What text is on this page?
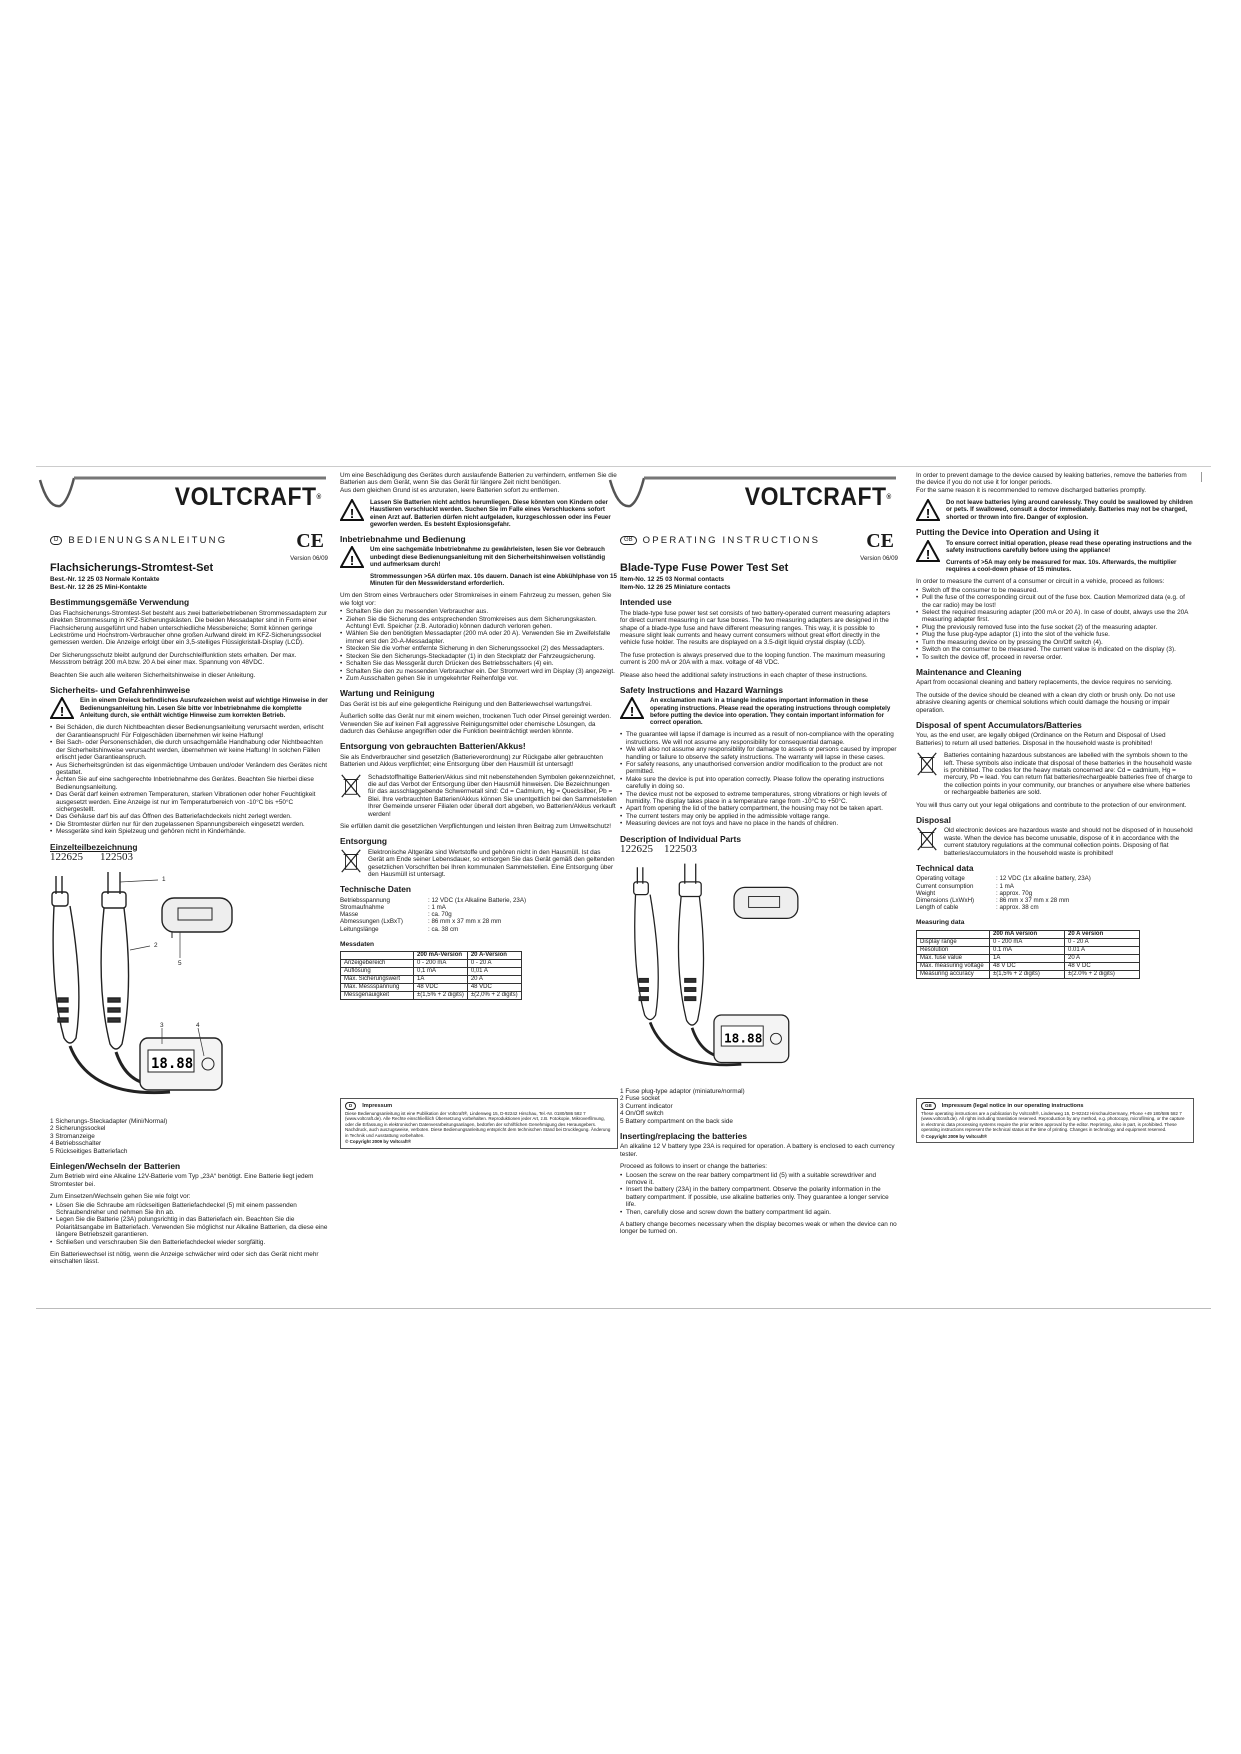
VOLTCRAFT®
D	BEDIENUNGSANLEITUNG	CE
Version 06/09
Flachsicherungs-Stromtest-Set
Best.-Nr. 12 25 03 Normale Kontakte
Best.-Nr. 12 26 25 Mini-Kontakte
Bestimmungsgemäße Verwendung

Das Flachsicherungs-Stromtest-Set besteht aus zwei batteriebetriebenen Strommessadaptern zur direkten Strommessung in KFZ-Sicherungskästen. Die beiden Messadapter sind in Form einer Flachsicherung ausgeführt und haben unterschiedliche Messbereiche; Somit können geringe Leckströme und Hochstrom-Verbraucher ohne großen Aufwand direkt im KFZ-Sicherungssockel gemessen werden. Die Anzeige erfolgt über ein 3,5-stelliges Flüssigkristall-Display (LCD).

Der Sicherungsschutz bleibt aufgrund der Durchschleiffunktion stets erhalten. Der max. Messstrom beträgt 200 mA bzw. 20 A bei einer max. Spannung von 48VDC.

Beachten Sie auch alle weiteren Sicherheitshinweise in dieser Anleitung.

Sicherheits- und Gefahrenhinweise
!
Ein in einem Dreieck befindliches Ausrufezeichen weist auf wichtige Hinweise in der Bedienungsanleitung hin. Lesen Sie bitte vor Inbetriebnahme die komplette Anleitung durch, sie enthält wichtige Hinweise zum korrekten Betrieb.
• Bei Schäden, die durch Nichtbeachten dieser Bedienungsanleitung verursacht werden, erlischt der Garantieanspruch! Für Folgeschäden übernehmen wir keine Haftung!
• Bei Sach- oder Personenschäden, die durch unsachgemäße Handhabung oder Nichtbeachten der Sicherheitshinweise verursacht werden, übernehmen wir keine Haftung! In solchen Fällen erlischt jeder Garantieanspruch.
• Aus Sicherheitsgründen ist das eigenmächtige Umbauen und/oder Verändern des Gerätes nicht gestattet.
• Achten Sie auf eine sachgerechte Inbetriebnahme des Gerätes. Beachten Sie hierbei diese Bedienungsanleitung.
• Das Gerät darf keinen extremen Temperaturen, starken Vibrationen oder hoher Feuchtigkeit ausgesetzt werden. Eine Anzeige ist nur im Temperaturbereich von -10°C bis +50°C sichergestellt.
• Das Gehäuse darf bis auf das Öffnen des Batteriefachdeckels nicht zerlegt werden.
• Die Stromtester dürfen nur für den zugelassenen Spannungsbereich eingesetzt werden.
• Messgeräte sind kein Spielzeug und gehören nicht in Kinderhände.
Einzelteilbezeichnung
122625 122503
18.88
1
2
3	4
5
1 Sicherungs-Steckadapter (Mini/Normal)
2 Sicherungssockel
3 Stromanzeige
4 Betriebsschalter
5 Rückseitiges Batteriefach
Einlegen/Wechseln der Batterien

Zum Betrieb wird eine Alkaline 12V-Batterie vom Typ „23A“ benötigt. Eine Batterie liegt jedem Stromtester bei.

Zum Einsetzen/Wechseln gehen Sie wie folgt vor:

• Lösen Sie die Schraube am rückseitigen Batteriefachdeckel (5) mit einem passenden Schraubendreher und nehmen Sie ihn ab.
• Legen Sie die Batterie (23A) polungsrichtig in das Batteriefach ein. Beachten Sie die Polaritätsangabe im Batteriefach. Verwenden Sie möglichst nur Alkaline Batterien, da diese eine längere Betriebszeit garantieren.
• Schließen und verschrauben Sie den Batteriefachdeckel wieder sorgfältig.

Ein Batteriewechsel ist nötig, wenn die Anzeige schwächer wird oder sich das Gerät nicht mehr einschalten lässt.

Um eine Beschädigung des Gerätes durch auslaufende Batterien zu verhindern, entfernen Sie die Batterien aus dem Gerät, wenn Sie das Gerät für längere Zeit nicht benötigen.

Aus dem gleichen Grund ist es anzuraten, leere Batterien sofort zu entfernen.

!
Lassen Sie Batterien nicht achtlos herumliegen. Diese könnten von Kindern oder Haustieren verschluckt werden. Suchen Sie im Falle eines Verschluckens sofort einen Arzt auf. Batterien dürfen nicht aufgeladen, kurzgeschlossen oder ins Feuer geworfen werden. Es besteht Explosionsgefahr.
Inbetriebnahme und Bedienung
!
Um eine sachgemäße Inbetriebnahme zu gewährleisten, lesen Sie vor Gebrauch unbedingt diese Bedienungsanleitung mit den Sicherheitshinweisen vollständig und aufmerksam durch!
Strommessungen >5A dürfen max. 10s dauern. Danach ist eine Abkühlphase von 15 Minuten für den Messwiderstand erforderlich.

Um den Strom eines Verbrauchers oder Stromkreises in einem Fahrzeug zu messen, gehen Sie wie folgt vor:

• Schalten Sie den zu messenden Verbraucher aus.
• Ziehen Sie die Sicherung des entsprechenden Stromkreises aus dem Sicherungskasten. Achtung! Evtl. Speicher (z.B. Autoradio) können dadurch verloren gehen.
• Wählen Sie den benötigten Messadapter (200 mA oder 20 A). Verwenden Sie im Zweifelsfalle immer erst den 20-A-Messadapter.
• Stecken Sie die vorher entfernte Sicherung in den Sicherungssockel (2) des Messadapters.
• Stecken Sie den Sicherungs-Steckadapter (1) in den Steckplatz der Fahrzeugsicherung.
• Schalten Sie das Messgerät durch Drücken des Betriebsschalters (4) ein.
• Schalten Sie den zu messenden Verbraucher ein. Der Stromwert wird im Display (3) angezeigt.
• Zum Ausschalten gehen Sie in umgekehrter Reihenfolge vor.
Wartung und Reinigung

Das Gerät ist bis auf eine gelegentliche Reinigung und den Batteriewechsel wartungsfrei.

Äußerlich sollte das Gerät nur mit einem weichen, trockenen Tuch oder Pinsel gereinigt werden. Verwenden Sie auf keinen Fall aggressive Reinigungsmittel oder chemische Lösungen, da dadurch das Gehäuse angegriffen oder die Funktion beeinträchtigt werden könnte.

Entsorgung von gebrauchten Batterien/Akkus!

Sie als Endverbraucher sind gesetzlich (Batterieverordnung) zur Rückgabe aller gebrauchten Batterien und Akkus verpflichtet; eine Entsorgung über den Hausmüll ist untersagt!

Schadstoffhaltige Batterien/Akkus sind mit nebenstehenden Symbolen gekennzeichnet, die auf das Verbot der Entsorgung über den Hausmüll hinweisen. Die Bezeichnungen für das ausschlaggebende Schwermetall sind: Cd = Cadmium, Hg = Quecksilber, Pb = Blei. Ihre verbrauchten Batterien/Akkus können Sie unentgeltlich bei den Sammelstellen Ihrer Gemeinde unserer Filialen oder überall dort abgeben, wo Batterien/Akkus verkauft werden!

Sie erfüllen damit die gesetzlichen Verpflichtungen und leisten Ihren Beitrag zum Umweltschutz!

Entsorgung
Elektronische Altgeräte sind Wertstoffe und gehören nicht in den Hausmüll. Ist das Gerät am Ende seiner Lebensdauer, so entsorgen Sie das Gerät gemäß den geltenden gesetzlichen Vorschriften bei Ihren kommunalen Sammelstellen. Eine Entsorgung über den Hausmüll ist untersagt.
Technische Daten
Betriebsspannung	: 12 VDC (1x Alkaline Batterie, 23A)
Stromaufnahme	: 1 mA
Masse	: ca. 70g
Abmessungen (LxBxT)	: 86 mm x 37 mm x 28 mm
Leitungslänge	: ca. 38 cm
Messdaten
	200 mA-Version	20 A-Version
Anzeigebereich	0 - 200 mA	0 - 20 A
Auflösung	0,1 mA	0,01 A
Max. Sicherungswert	1A	20 A
Max. Messspannung	48 VDC	48 VDC
Messgenauigkeit	±(1,5% + 2 digits)	±(2,0% + 2 digits)
D Impressum
Diese Bedienungsanleitung ist eine Publikation der Voltcraft®, Lindenweg 15, D-92242 Hirschau, Tel.-Nr. 0180/586 582 7 (www.voltcraft.de). Alle Rechte einschließlich Übersetzung vorbehalten. Reproduktionen jeder Art, z.B. Fotokopie, Mikroverfilmung, oder die Erfassung in elektronischen Datenverarbeitungsanlagen, bedürfen der schriftlichen Genehmigung des Herausgebers. Nachdruck, auch auszugsweise, verboten. Diese Bedienungsanleitung entspricht dem technischen Stand bei Drucklegung. Änderung in Technik und Ausstattung vorbehalten.
© Copyright 2009 by Voltcraft®
VOLTCRAFT®
GB	OPERATING INSTRUCTIONS CE
Version 06/09
Blade-Type Fuse Power Test Set
Item-No. 12 25 03 Normal contacts
Item-No. 12 26 25 Miniature contacts
Intended use

The blade-type fuse power test set consists of two battery-operated current measuring adapters for direct current measuring in car fuse boxes. The two measuring adapters are designed in the shape of a blade-type fuse and have different measuring ranges. This way, it is possible to measure slight leak currents and heavy current consumers without great effort directly in the vehicle fuse holder. The results are displayed on a 3.5-digit liquid crystal display (LCD).

The fuse protection is always preserved due to the looping function. The maximum measuring current is 200 mA or 20A with a max. voltage of 48 VDC.

Please also heed the additional safety instructions in each chapter of these instructions.

Safety Instructions and Hazard Warnings
!
An exclamation mark in a triangle indicates important information in these operating instructions. Please read the operating instructions through completely before putting the device into operation. They contain important information for correct operation.
• The guarantee will lapse if damage is incurred as a result of non-compliance with the operating instructions. We will not assume any responsibility for consequential damage.
• We will also not assume any responsibility for damage to assets or persons caused by improper handling or failure to observe the safety instructions. The warranty will lapse in these cases.
• For safety reasons, any unauthorised conversion and/or modification to the product are not permitted.
• Make sure the device is put into operation correctly. Please follow the operating instructions carefully in doing so.
• The device must not be exposed to extreme temperatures, strong vibrations or high levels of humidity. The display takes place in a temperature range from -10°C to +50°C.
• Apart from opening the lid of the battery compartment, the housing may not be taken apart.
• The current testers may only be applied in the admissible voltage range.
• Measuring devices are not toys and have no place in the hands of children.
Description of Individual Parts
122625 122503
18.88
1 Fuse plug-type adaptor (miniature/normal)
2 Fuse socket
3 Current indicator
4 On/Off switch
5 Battery compartment on the back side
Inserting/replacing the batteries

An alkaline 12 V battery type 23A is required for operation. A battery is enclosed to each currency tester.

Proceed as follows to insert or change the batteries:

• Loosen the screw on the rear battery compartment lid (5) with a suitable screwdriver and remove it.
• Insert the battery (23A) in the battery compartment. Observe the polarity information in the battery compartment. If possible, use alkaline batteries only. They guarantee a longer service life.
• Then, carefully close and screw down the battery compartment lid again.

A battery change becomes necessary when the display becomes weak or when the device can no longer be turned on.

In order to prevent damage to the device caused by leaking batteries, remove the batteries from the device if you do not use it for longer periods.

For the same reason it is recommended to remove discharged batteries promptly.

!
Do not leave batteries lying around carelessly. They could be swallowed by children or pets. If swallowed, consult a doctor immediately. Batteries may not be charged, shorted or thrown into fire. Danger of explosion.
Putting the Device into Operation and Using it
!
To ensure correct initial operation, please read these operating instructions and the safety instructions carefully before using the appliance!
Currents of >5A may only be measured for max. 10s. Afterwards, the multiplier requires a cool-down phase of 15 minutes.

In order to measure the current of a consumer or circuit in a vehicle, proceed as follows:

• Switch off the consumer to be measured.
• Pull the fuse of the corresponding circuit out of the fuse box. Caution Memorized data (e.g. of the car radio) may be lost!
• Select the required measuring adapter (200 mA or 20 A). In case of doubt, always use the 20A measuring adapter first.
• Plug the previously removed fuse into the fuse socket (2) of the measuring adapter.
• Plug the fuse plug-type adaptor (1) into the slot of the vehicle fuse.
• Turn the measuring device on by pressing the On/Off switch (4).
• Switch on the consumer to be measured. The current value is indicated on the display (3).
• To switch the device off, proceed in reverse order.
Maintenance and Cleaning

Apart from occasional cleaning and battery replacements, the device requires no servicing.

The outside of the device should be cleaned with a clean dry cloth or brush only. Do not use abrasive cleaning agents or chemical solutions which could damage the housing or impair operation.

Disposal of spent Accumulators/Batteries

You, as the end user, are legally obliged (Ordinance on the Return and Disposal of Used Batteries) to return all used batteries. Disposal in the household waste is prohibited!

Batteries containing hazardous substances are labelled with the symbols shown to the left. These symbols also indicate that disposal of these batteries in the household waste is prohibited. The codes for the heavy metals concerned are: Cd = cadmium, Hg = mercury, Pb = lead. You can return flat batteries/rechargeable batteries free of charge to the collection points in your community, our branches or anywhere else where batteries or rechargeable batteries are sold.

You will thus carry out your legal obligations and contribute to the protection of our environment.

Disposal
Old electronic devices are hazardous waste and should not be disposed of in household waste. When the device has become unusable, dispose of it in accordance with the current statutory regulations at the communal collection points. Disposing of flat batteries/accumulators in the household waste is prohibited!
Technical data
Operating voltage	: 12 VDC (1x alkaline battery, 23A)
Current consumption	: 1 mA
Weight	: approx. 70g
Dimensions (LxWxH)	: 86 mm x 37 mm x 28 mm
Length of cable	: approx. 38 cm
Measuring data
	200 mA version	20 A version
Display range	0 - 200 mA	0 - 20 A
Resolution	0.1 mA	0.01 A
Max. fuse value	1A	20 A
Max. measuring voltage	48 V DC	48 V DC
Measuring accuracy	±(1,5% + 2 digits)	±(2.0% + 2 digits)
GB Impressum (legal notice in our operating instructions
These operating instructions are a publication by Voltcraft®, Lindenweg 15, D-92242 Hirschau/Germany, Phone +49 180/586 582 7 (www.voltcraft.de). All rights including translation reserved. Reproduction by any method, e.g. photocopy, microfilming, or the capture in electronic data processing systems require the prior written approval by the editor. Reprinting, also in part, is prohibited. These operating instructions represent the technical status at the time of printing. Changes in technology and equipment reserved.
© Copyright 2009 by Voltcraft®
